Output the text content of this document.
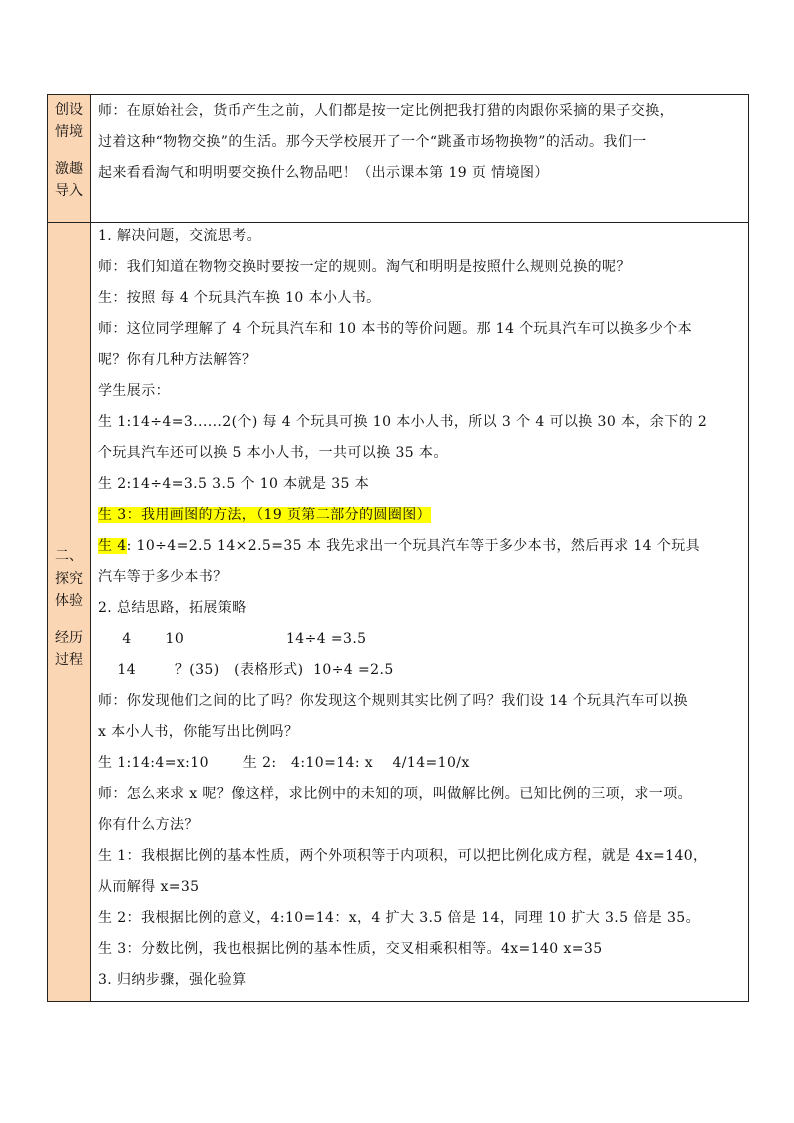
创设
情境
激趣
导入
师：在原始社会，货币产生之前，人们都是按一定比例把我打猎的肉跟你采摘的果子交换，
过着这种“物物交换”的生活。那今天学校展开了一个“跳蚤市场物换物”的活动。我们一
起来看看淘气和明明要交换什么物品吧！（出示课本第 19 页 情境图）
二、
探究
体验
经历
过程
1. 解决问题，交流思考。
师：我们知道在物物交换时要按一定的规则。淘气和明明是按照什么规则兑换的呢？
生：按照 每 4 个玩具汽车换 10 本小人书。
师：这位同学理解了 4 个玩具汽车和 10 本书的等价问题。那 14 个玩具汽车可以换多少个本
呢？你有几种方法解答？
学生展示：
生 1:14÷4=3......2(个) 每 4 个玩具可换 10 本小人书，所以 3 个 4 可以换 30 本，余下的 2
个玩具汽车还可以换 5 本小人书，一共可以换 35 本。
生 2:14÷4=3.5 3.5 个 10 本就是 35 本
生 3：我用画图的方法，（19 页第二部分的圆圈图）
生 4: 10÷4=2.5 14×2.5=35 本 我先求出一个玩具汽车等于多少本书，然后再求 14 个玩具
汽车等于多少本书？
2. 总结思路，拓展策略
4       10                     14÷4 =3.5
14        ？(35)   (表格形式)  10÷4 =2.5
师：你发现他们之间的比了吗？你发现这个规则其实比例了吗？我们设 14 个玩具汽车可以换
x 本小人书，你能写出比例吗？
生 1:14:4=x:10       生 2:   4:10=14: x    4/14=10/x
师：怎么来求 x 呢？像这样，求比例中的未知的项，叫做解比例。已知比例的三项，求一项。
你有什么方法？
生 1：我根据比例的基本性质，两个外项积等于内项积，可以把比例化成方程，就是 4x=140，
从而解得 x=35
生 2：我根据比例的意义，4:10=14：x，4 扩大 3.5 倍是 14，同理 10 扩大 3.5 倍是 35。
生 3：分数比例，我也根据比例的基本性质，交叉相乘积相等。4x=140 x=35
3. 归纳步骤，强化验算
